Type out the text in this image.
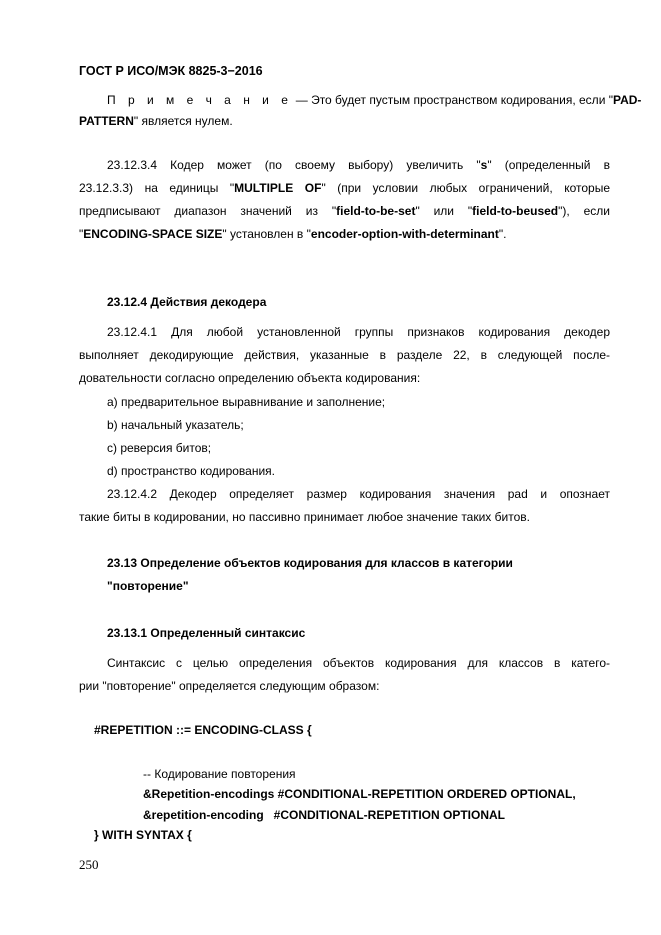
ГОСТ Р ИСО/МЭК 8825-3−2016
П р и м е ч а н и е — Это будет пустым пространством кодирования, если "PAD-
PATTERN" является нулем.
23.12.3.4 Кодер может (по своему выбору) увеличить "s" (определенный в
23.12.3.3) на единицы "MULTIPLE OF" (при условии любых ограничений, которые
предписывают диапазон значений из "field-to-be-set" или "field-to-beused"), если
"ENCODING-SPACE SIZE" установлен в "encoder-option-with-determinant".
23.12.4 Действия декодера
23.12.4.1 Для любой установленной группы признаков кодирования декодер
выполняет декодирующие действия, указанные в разделе 22, в следующей после-
довательности согласно определению объекта кодирования:
a) предварительное выравнивание и заполнение;
b) начальный указатель;
c) реверсия битов;
d) пространство кодирования.
23.12.4.2 Декодер определяет размер кодирования значения pad и опознает
такие биты в кодировании, но пассивно принимает любое значение таких битов.
23.13 Определение объектов кодирования для классов в категории
"повторение"
23.13.1 Определенный синтаксис
Синтаксис с целью определения объектов кодирования для классов в катего-
рии "повторение" определяется следующим образом:
#REPETITION ::= ENCODING-CLASS {
-- Кодирование повторения
&Repetition-encodings #CONDITIONAL-REPETITION ORDERED OPTIONAL,
&repetition-encoding   #CONDITIONAL-REPETITION OPTIONAL
} WITH SYNTAX {
250
